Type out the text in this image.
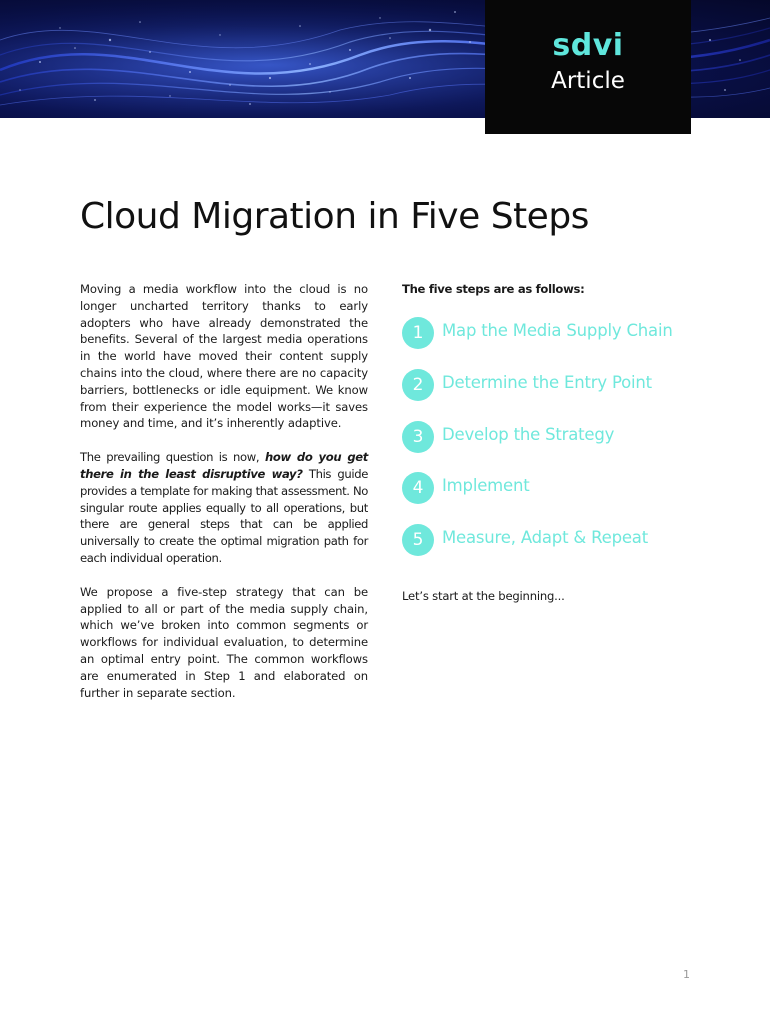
sdvi
Article
Cloud Migration in Five Steps

Moving a media workflow into the cloud is no longer uncharted territory thanks to early adopters who have already demonstrated the benefits. Several of the largest media operations in the world have moved their content supply chains into the cloud, where there are no capacity barriers, bottlenecks or idle equipment. We know from their experience the model works—it saves money and time, and it’s inherently adaptive.

The prevailing question is now, how do you get there in the least disruptive way? This guide provides a template for making that assessment. No singular route applies equally to all operations, but there are general steps that can be applied universally to create the optimal migration path for each individual operation.

We propose a five-step strategy that can be applied to all or part of the media supply chain, which we’ve broken into common segments or workflows for individual evaluation, to determine an optimal entry point. The common workflows are enumerated in Step 1 and elaborated on further in separate section.

The five steps are as follows:

1	Map the Media Supply Chain
2	Determine the Entry Point
3	Develop the Strategy
4	Implement
5	Measure, Adapt & Repeat

Let’s start at the beginning...

1
